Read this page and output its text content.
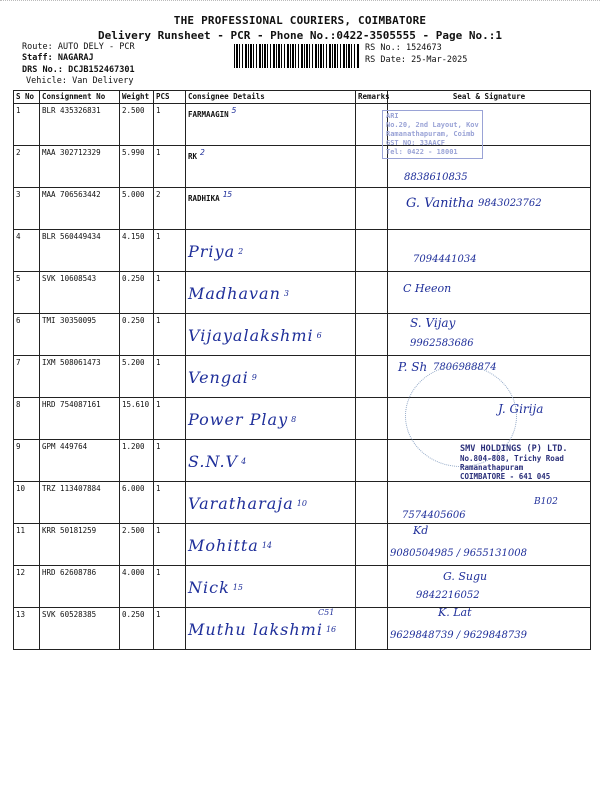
THE PROFESSIONAL COURIERS, COIMBATORE
Delivery Runsheet - PCR - Phone No.:0422-3505555 - Page No.:1
Route: AUTO DELY - PCR
Staff: NAGARAJ
DRS No.: DCJB152467301
Vehicle: Van Delivery
RS No.: 1524673
RS Date: 25-Mar-2025
S No	Consignment No	Weight	PCS	Consignee Details	Remarks	Seal & Signature
1	BLR 435326831	2.500	1	FARMAAGIN 5		
2	MAA 302712329	5.990	1	RK 2		8838610835

3	MAA 706563442	5.000	2	RADHIKA 15		G. Vanitha 9843023762

4	BLR 560449434	4.150	1	Priya 2		7094441034

5	SVK 10608543	0.250	1	Madhavan 3		C Heeon

6	TMI 30350095	0.250	1	Vijayalakshmi 6		S. Vijay
9962583686

7	IXM 508061473	5.200	1	Vengai 9		P. Sh 7806988874

8	HRD 754087161	15.610	1	Power Play 8		J. Girija

9	GPM 449764	1.200	1	S.N.V 4		
10	TRZ 113407884	6.000	1	Varatharaja 10		7574405606

11	KRR 50181259	2.500	1	Mohitta 14		Kd
9080504985 / 9655131008

12	HRD 62608786	4.000	1	Nick 15		G. Sugu
9842216052

13	SVK 60528385	0.250	1	Muthu lakshmi 16		K. Lat
9629848739 / 9629848739
ARI
No.20, 2nd Layout, Kov
Ramanathapuram, Coimb
GST NO: 33AACF
Tel: 0422 - 18001
SMV HOLDINGS (P) LTD.
No.804-808, Trichy Road
Ramanathapuram
COIMBATORE - 641 045
B102
C51
